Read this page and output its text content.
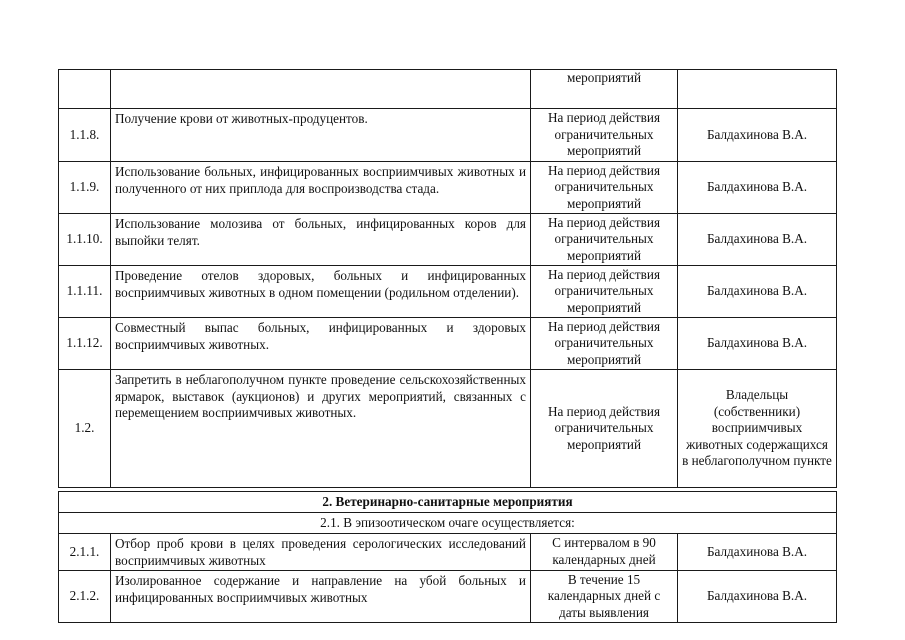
		мероприятий	
1.1.8.	Получение крови от животных-продуцентов.	На период действия ограничительных мероприятий	Балдахинова В.А.
1.1.9.	Использование больных, инфицированных восприимчивых животных и полученного от них приплода для воспроизводства стада.	На период действия ограничительных мероприятий	Балдахинова В.А.
1.1.10.	Использование молозива от больных, инфицированных коров для выпойки телят.	На период действия ограничительных мероприятий	Балдахинова В.А.
1.1.11.	Проведение отелов здоровых, больных и инфицированных восприимчивых животных в одном помещении (родильном отделении).	На период действия ограничительных мероприятий	Балдахинова В.А.
1.1.12.	Совместный выпас больных, инфицированных и здоровых восприимчивых животных.	На период действия ограничительных мероприятий	Балдахинова В.А.
1.2.	Запретить в неблагополучном пункте проведение сельскохозяйственных ярмарок, выставок (аукционов) и других мероприятий, связанных с перемещением восприимчивых животных.	На период действия ограничительных мероприятий	Владельцы (собственники) восприимчивых животных содержащихся в неблагополучном пункте

2. Ветеринарно-санитарные мероприятия			
2.1. В эпизоотическом очаге осуществляется:			
2.1.1.	Отбор проб крови в целях проведения серологических исследований восприимчивых животных	С интервалом в 90 календарных дней	Балдахинова В.А.
2.1.2.	Изолированное содержание и направление на убой больных и инфицированных восприимчивых животных	В течение 15 календарных дней с даты выявления	Балдахинова В.А.
